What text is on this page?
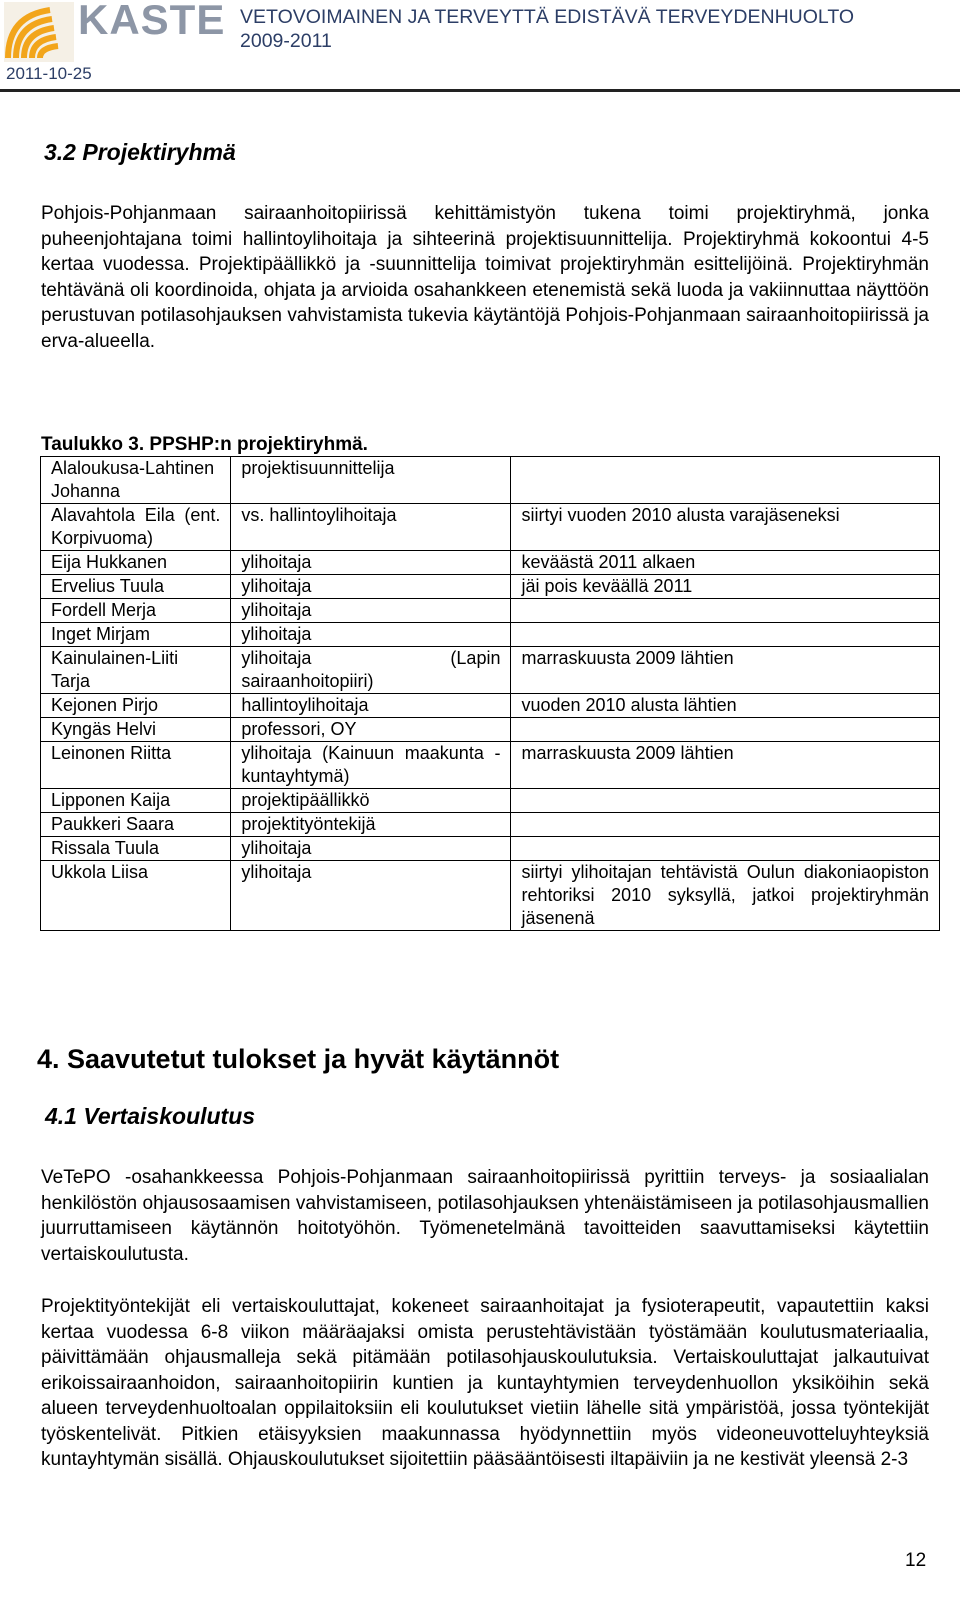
KASTE VETOVOIMAINEN JA TERVEYTTÄ EDISTÄVÄ TERVEYDENHUOLTO
2009-2011
2011-10-25
3.2 Projektiryhmä

Pohjois-Pohjanmaan sairaanhoitopiirissä kehittämistyön tukena toimi projektiryhmä, jonka puheenjohtajana toimi hallintoylihoitaja ja sihteerinä projektisuunnittelija. Projektiryhmä kokoontui 4-5 kertaa vuodessa. Projektipäällikkö ja -suunnittelija toimivat projektiryhmän esittelijöinä. Projektiryhmän tehtävänä oli koordinoida, ohjata ja arvioida osahankkeen etenemistä sekä luoda ja vakiinnuttaa näyttöön perustuvan potilasohjauksen vahvistamista tukevia käytäntöjä Pohjois-Pohjanmaan sairaanhoitopiirissä ja erva-alueella.

Taulukko 3. PPSHP:n projektiryhmä.
Alaloukusa-Lahtinen Johanna	projektisuunnittelija	
Alavahtola Eila (ent. Korpivuoma)	vs. hallintoylihoitaja	siirtyi vuoden 2010 alusta varajäseneksi
Eija Hukkanen	ylihoitaja	keväästä 2011 alkaen
Ervelius Tuula	ylihoitaja	jäi pois keväällä 2011
Fordell Merja	ylihoitaja	
Inget Mirjam	ylihoitaja	
Kainulainen-Liiti Tarja	ylihoitaja (Lapin sairaanhoitopiiri)	marraskuusta 2009 lähtien
Kejonen Pirjo	hallintoylihoitaja	vuoden 2010 alusta lähtien
Kyngäs Helvi	professori, OY	
Leinonen Riitta	ylihoitaja (Kainuun maakunta -kuntayhtymä)	marraskuusta 2009 lähtien
Lipponen Kaija	projektipäällikkö	
Paukkeri Saara	projektityöntekijä	
Rissala Tuula	ylihoitaja	
Ukkola Liisa	ylihoitaja	siirtyi ylihoitajan tehtävistä Oulun diakoniaopiston rehtoriksi 2010 syksyllä, jatkoi projektiryhmän jäsenenä
4. Saavutetut tulokset ja hyvät käytännöt
4.1 Vertaiskoulutus

VeTePO -osahankkeessa Pohjois-Pohjanmaan sairaanhoitopiirissä pyrittiin terveys- ja sosiaalialan henkilöstön ohjausosaamisen vahvistamiseen, potilasohjauksen yhtenäistämiseen ja potilasohjausmallien juurruttamiseen käytännön hoitotyöhön. Työmenetelmänä tavoitteiden saavuttamiseksi käytettiin vertaiskoulutusta.

Projektityöntekijät eli vertaiskouluttajat, kokeneet sairaanhoitajat ja fysioterapeutit, vapautettiin kaksi kertaa vuodessa 6-8 viikon määräajaksi omista perustehtävistään työstämään koulutusmateriaalia, päivittämään ohjausmalleja sekä pitämään potilasohjauskoulutuksia. Vertaiskouluttajat jalkautuivat erikoissairaanhoidon, sairaanhoitopiirin kuntien ja kuntayhtymien terveydenhuollon yksiköihin sekä alueen terveydenhuoltoalan oppilaitoksiin eli koulutukset vietiin lähelle sitä ympäristöä, jossa työntekijät työskentelivät. Pitkien etäisyyksien maakunnassa hyödynnettiin myös videoneuvotteluyhteyksiä kuntayhtymän sisällä. Ohjauskoulutukset sijoitettiin pääsääntöisesti iltapäiviin ja ne kestivät yleensä 2-3

12
